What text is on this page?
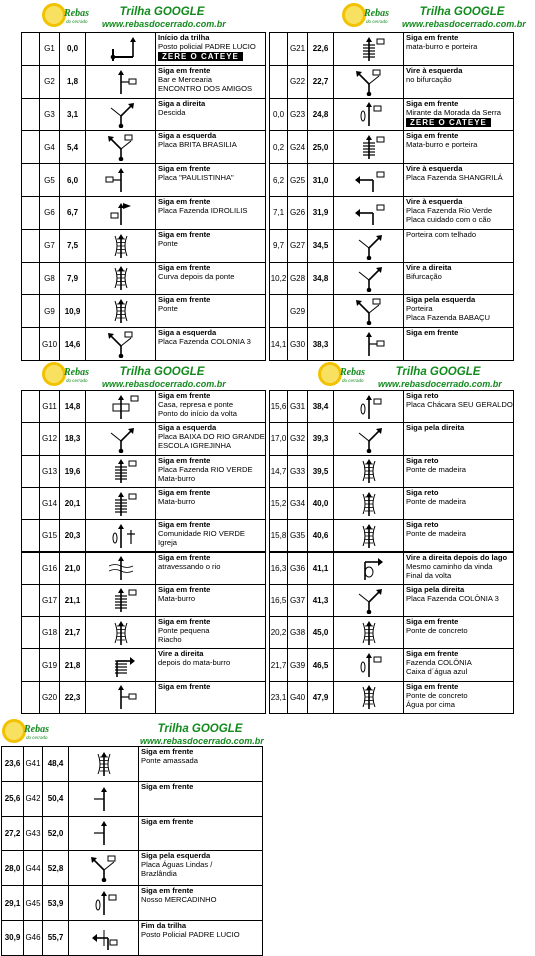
Rebas
do cerrado
Trilha GOOGLE
www.rebasdocerrado.com.br
G1	0,0
Início da trilha
Posto policial PADRE LUCIO
ZERE O CATEYE
G2	1,8
Siga em frente
Bar e Mercearia
ENCONTRO DOS AMIGOS
G3	3,1
Siga a direita
Descida
G4	5,4
Siga a esquerda
Placa BRITA BRASILIA
G5	6,0
Siga em frente
Placa "PAULISTINHA"
G6	6,7
Siga em frente
Placa Fazenda IDROLILIS
G7	7,5
Siga em frente
Ponte
G8	7,9
Siga em frente
Curva depois da ponte
G9	10,9
Siga em frente
Ponte
G10 14,6
Siga a esquerda
Placa Fazenda COLONIA 3
Rebas
do cerrado
Trilha GOOGLE
www.rebasdocerrado.com.br
G21 22,6
Siga em frente
mata-burro e porteira
G22 22,7
Vire à esquerda
no bifurcação
0,0 G23 24,8
Siga em frente
Mirante da Morada da Serra
ZERE O CATEYE
0,2 G24 25,0
Siga em frente
Mata-burro e porteira
6,2 G25 31,0
Vire à esquerda
Placa Fazenda SHANGRILÁ
7,1 G26 31,9
Vire à esquerda
Placa Fazenda Rio Verde
Placa cuidado com o cão
9,7 G27 34,5
Porteira com telhado
10,2 G28 34,8
Vire a direita
Bifurcação
G29
Siga pela esquerda
Porteira
Placa Fazenda BABAÇU
14,1 G30 38,3
Siga em frente
Rebas
do cerrado
Trilha GOOGLE
www.rebasdocerrado.com.br
G11 14,8
Siga em frente
Casa, represa e ponte
Ponto do início da volta
G12 18,3
Siga a esquerda
Placa BAIXA DO RIO GRANDE
ESCOLA IGREJINHA
G13 19,6
Siga em frente
Placa Fazenda RIO VERDE
Mata-burro
G14 20,1
Siga em frente
Mata-burro
G15 20,3
Siga em frente
Comunidade RIO VERDE
Igreja
G16 21,0
Siga em frente
atravessando o rio
G17 21,1
Siga em frente
Mata-burro
G18 21,7
Siga em frente
Ponte pequena
Riacho
G19 21,8
Vire a direita
depois do mata-burro
G20 22,3
Siga em frente
Rebas
do cerrado
Trilha GOOGLE
www.rebasdocerrado.com.br
15,6 G31 38,4
Siga reto
Placa Chácara SEU GERALDO
17,0 G32 39,3
Siga pela direita
14,7 G33 39,5
Siga reto
Ponte de madeira
15,2 G34 40,0
Siga reto
Ponte de madeira
15,8 G35 40,6
Siga reto
Ponte de madeira
16,3 G36 41,1
Vire a direita depois do lago
Mesmo caminho da vinda
Final da volta
16,5 G37 41,3
Siga pela direita
Placa Fazenda COLÔNIA 3
20,2 G38 45,0
Siga em frente
Ponte de concreto
21,7 G39 46,5
Siga em frente
Fazenda COLÔNIA
Caixa d´água azul
23,1 G40 47,9
Siga em frente
Ponte de concreto
Água por cima
Rebas
do cerrado
Trilha GOOGLE
www.rebasdocerrado.com.br
23,6 G41 48,4
Siga em frente
Ponte amassada
25,6 G42 50,4
Siga em frente
27,2 G43 52,0
Siga em frente
28,0 G44 52,8
Siga pela esquerda
Placa Águas Lindas /
Brazlândia
29,1 G45 53,9
Siga em frente
Nosso MERCADINHO
30,9 G46 55,7
Fim da trilha
Posto Policial PADRE LUCIO
